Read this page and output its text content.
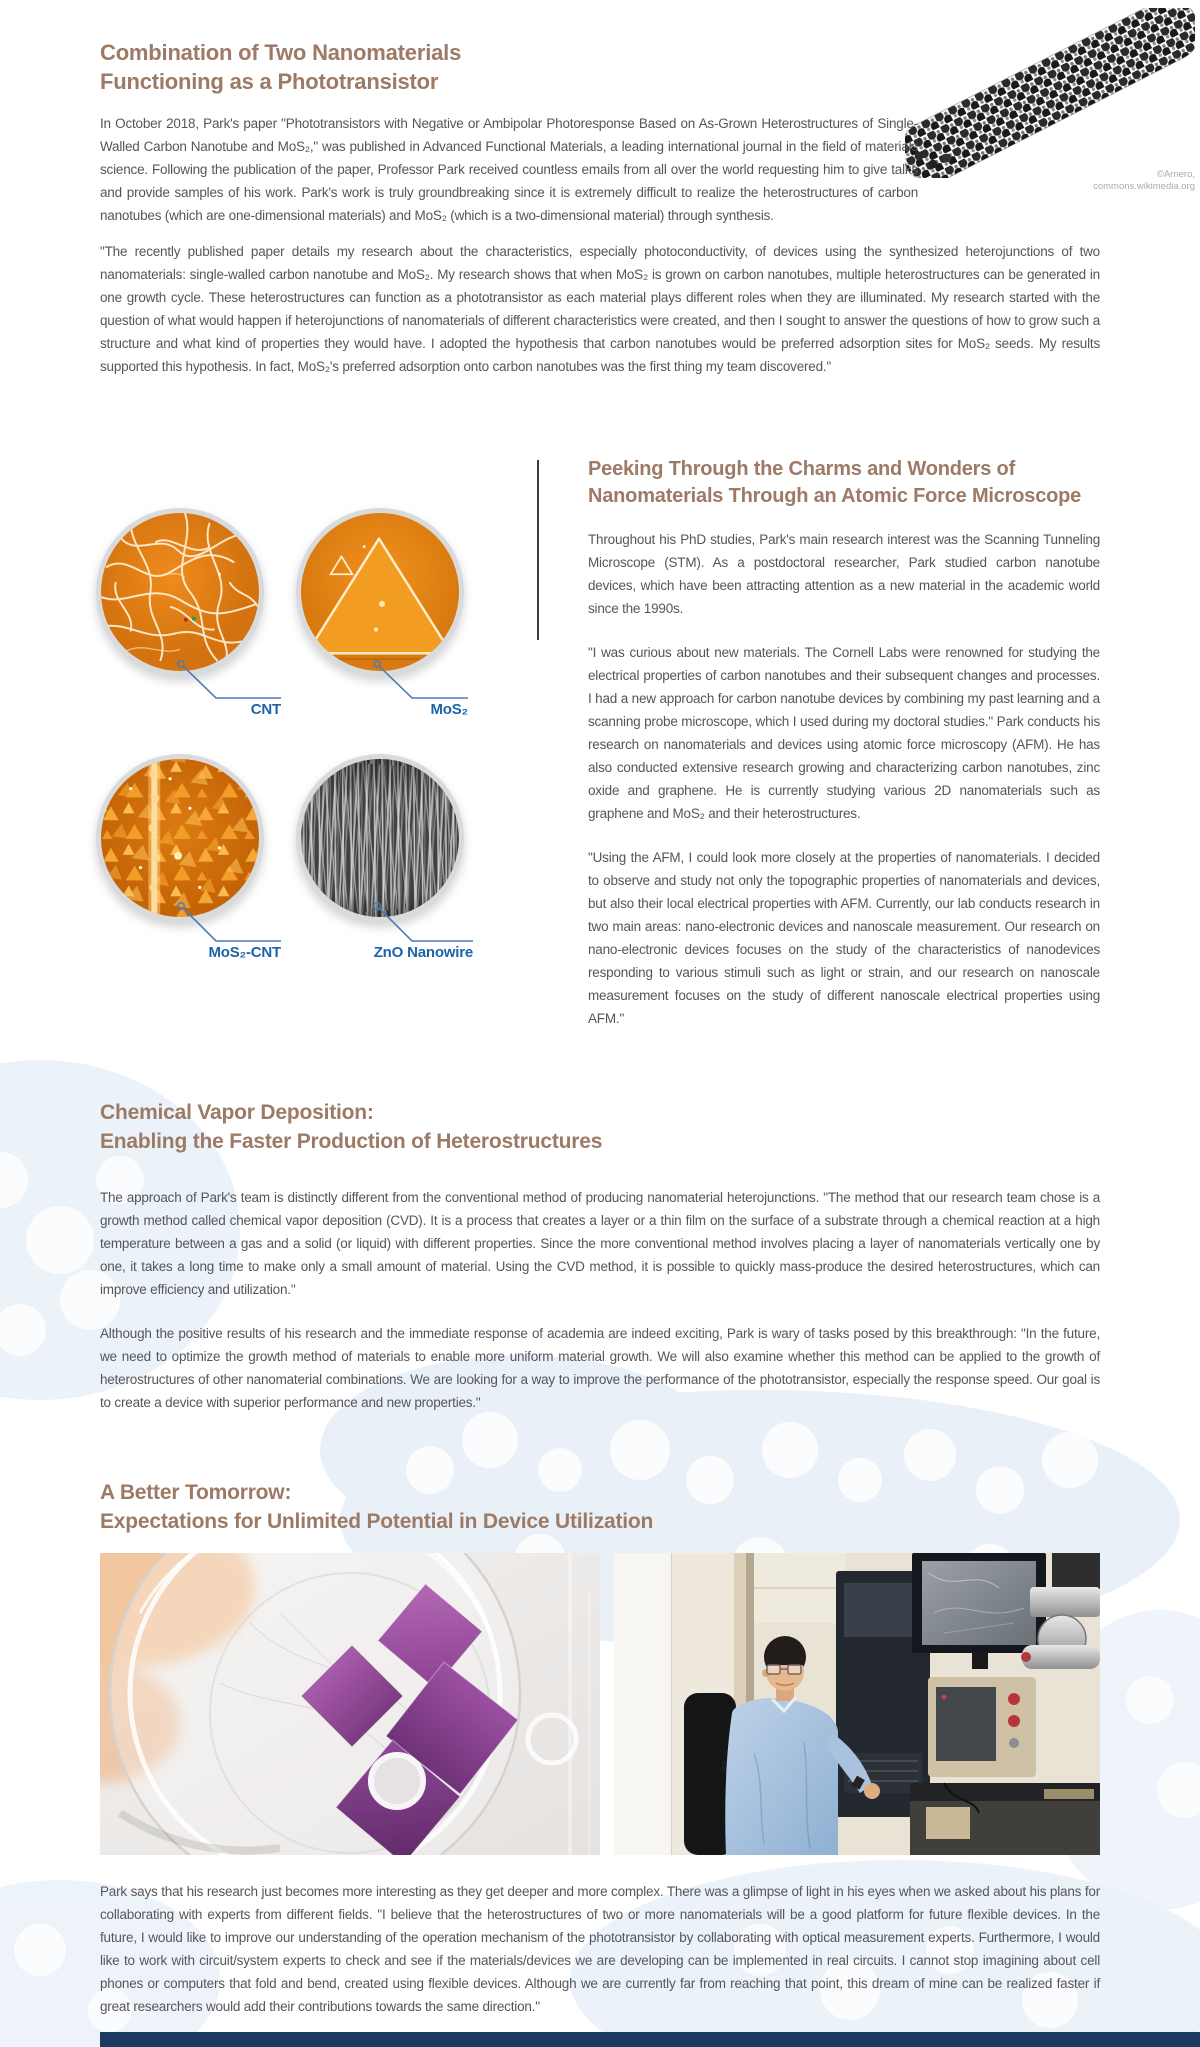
Combination of Two Nanomaterials
Functioning as a Phototransistor
©Arnero,
commons.wikimedia.org

In October 2018, Park's paper "Phototransistors with Negative or Ambipolar Photoresponse Based on As-Grown Heterostructures of Single-Walled Carbon Nanotube and MoS₂," was published in Advanced Functional Materials, a leading international journal in the field of materials science. Following the publication of the paper, Professor Park received countless emails from all over the world requesting him to give talks and provide samples of his work. Park's work is truly groundbreaking since it is extremely difficult to realize the heterostructures of carbon nanotubes (which are one-dimensional materials) and MoS₂ (which is a two-dimensional material) through synthesis.

"The recently published paper details my research about the characteristics, especially photoconductivity, of devices using the synthesized heterojunctions of two nanomaterials: single-walled carbon nanotube and MoS₂. My research shows that when MoS₂ is grown on carbon nanotubes, multiple heterostructures can be generated in one growth cycle. These heterostructures can function as a phototransistor as each material plays different roles when they are illuminated. My research started with the question of what would happen if heterojunctions of nanomaterials of different characteristics were created, and then I sought to answer the questions of how to grow such a structure and what kind of properties they would have. I adopted the hypothesis that carbon nanotubes would be preferred adsorption sites for MoS₂ seeds. My results supported this hypothesis. In fact, MoS₂'s preferred adsorption onto carbon nanotubes was the first thing my team discovered."

CNT	MoS₂
MoS₂-CNT	ZnO Nanowire
Peeking Through the Charms and Wonders of
Nanomaterials Through an Atomic Force Microscope

Throughout his PhD studies, Park's main research interest was the Scanning Tunneling Microscope (STM). As a postdoctoral researcher, Park studied carbon nanotube devices, which have been attracting attention as a new material in the academic world since the 1990s.

"I was curious about new materials. The Cornell Labs were renowned for studying the electrical properties of carbon nanotubes and their subsequent changes and processes. I had a new approach for carbon nanotube devices by combining my past learning and a scanning probe microscope, which I used during my doctoral studies." Park conducts his research on nanomaterials and devices using atomic force microscopy (AFM). He has also conducted extensive research growing and characterizing carbon nanotubes, zinc oxide and graphene. He is currently studying various 2D nanomaterials such as graphene and MoS₂ and their heterostructures.

"Using the AFM, I could look more closely at the properties of nanomaterials. I decided to observe and study not only the topographic properties of nanomaterials and devices, but also their local electrical properties with AFM. Currently, our lab conducts research in two main areas: nano-electronic devices and nanoscale measurement. Our research on nano-electronic devices focuses on the study of the characteristics of nanodevices responding to various stimuli such as light or strain, and our research on nanoscale measurement focuses on the study of different nanoscale electrical properties using AFM."

Chemical Vapor Deposition:
Enabling the Faster Production of Heterostructures

The approach of Park's team is distinctly different from the conventional method of producing nanomaterial heterojunctions. "The method that our research team chose is a growth method called chemical vapor deposition (CVD). It is a process that creates a layer or a thin film on the surface of a substrate through a chemical reaction at a high temperature between a gas and a solid (or liquid) with different properties. Since the more conventional method involves placing a layer of nanomaterials vertically one by one, it takes a long time to make only a small amount of material. Using the CVD method, it is possible to quickly mass-produce the desired heterostructures, which can improve efficiency and utilization."

Although the positive results of his research and the immediate response of academia are indeed exciting, Park is wary of tasks posed by this breakthrough: "In the future, we need to optimize the growth method of materials to enable more uniform material growth. We will also examine whether this method can be applied to the growth of heterostructures of other nanomaterial combinations. We are looking for a way to improve the performance of the phototransistor, especially the response speed. Our goal is to create a device with superior performance and new properties."

A Better Tomorrow:
Expectations for Unlimited Potential in Device Utilization

Park says that his research just becomes more interesting as they get deeper and more complex. There was a glimpse of light in his eyes when we asked about his plans for collaborating with experts from different fields. "I believe that the heterostructures of two or more nanomaterials will be a good platform for future flexible devices. In the future, I would like to improve our understanding of the operation mechanism of the phototransistor by collaborating with optical measurement experts. Furthermore, I would like to work with circuit/system experts to check and see if the materials/devices we are developing can be implemented in real circuits. I cannot stop imagining about cell phones or computers that fold and bend, created using flexible devices. Although we are currently far from reaching that point, this dream of mine can be realized faster if great researchers would add their contributions towards the same direction."
